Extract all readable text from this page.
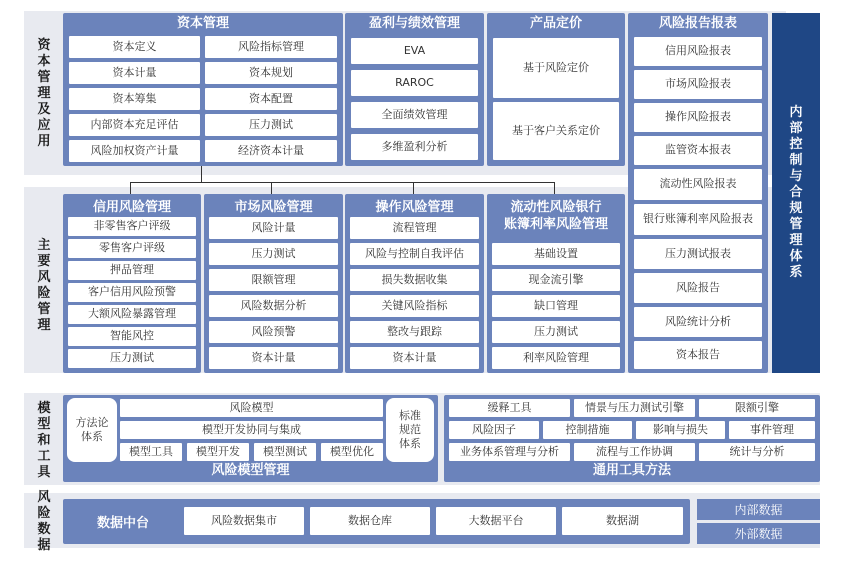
资本管理及应用
主要风险管理
模型和工具
风险数据
资本管理
资本定义	风险指标管理
资本计量	资本规划
资本筹集	资本配置
内部资本充足评估	压力测试
风险加权资产计量	经济资本计量
盈利与绩效管理
EVA
RAROC
全面绩效管理
多维盈利分析
产品定价
基于风险定价
基于客户关系定价
风险报告报表
信用风险报表
市场风险报表
操作风险报表
监管资本报表
流动性风险报表
银行账簿利率风险报表
压力测试报表
风险报告
风险统计分析
资本报告
内部控制与合规管理体系
信用风险管理
非零售客户评级
零售客户评级
押品管理
客户信用风险预警
大额风险暴露管理
智能风控
压力测试
市场风险管理
风险计量
压力测试
限额管理
风险数据分析
风险预警
资本计量
操作风险管理
流程管理
风险与控制自我评估
损失数据收集
关键风险指标
整改与跟踪
资本计量
流动性风险银行
账簿利率风险管理
基础设置
现金流引擎
缺口管理
压力测试
利率风险管理
方法论体系
风险模型
模型开发协同与集成
模型工具	模型开发	模型测试	模型优化
标准规范体系
风险模型管理
缓释工具	情景与压力测试引擎	限额引擎
风险因子	控制措施	影响与损失	事件管理
业务体系管理与分析	流程与工作协调	统计与分析
通用工具方法
数据中台	风险数据集市	数据仓库	大数据平台	数据湖
内部数据
外部数据
